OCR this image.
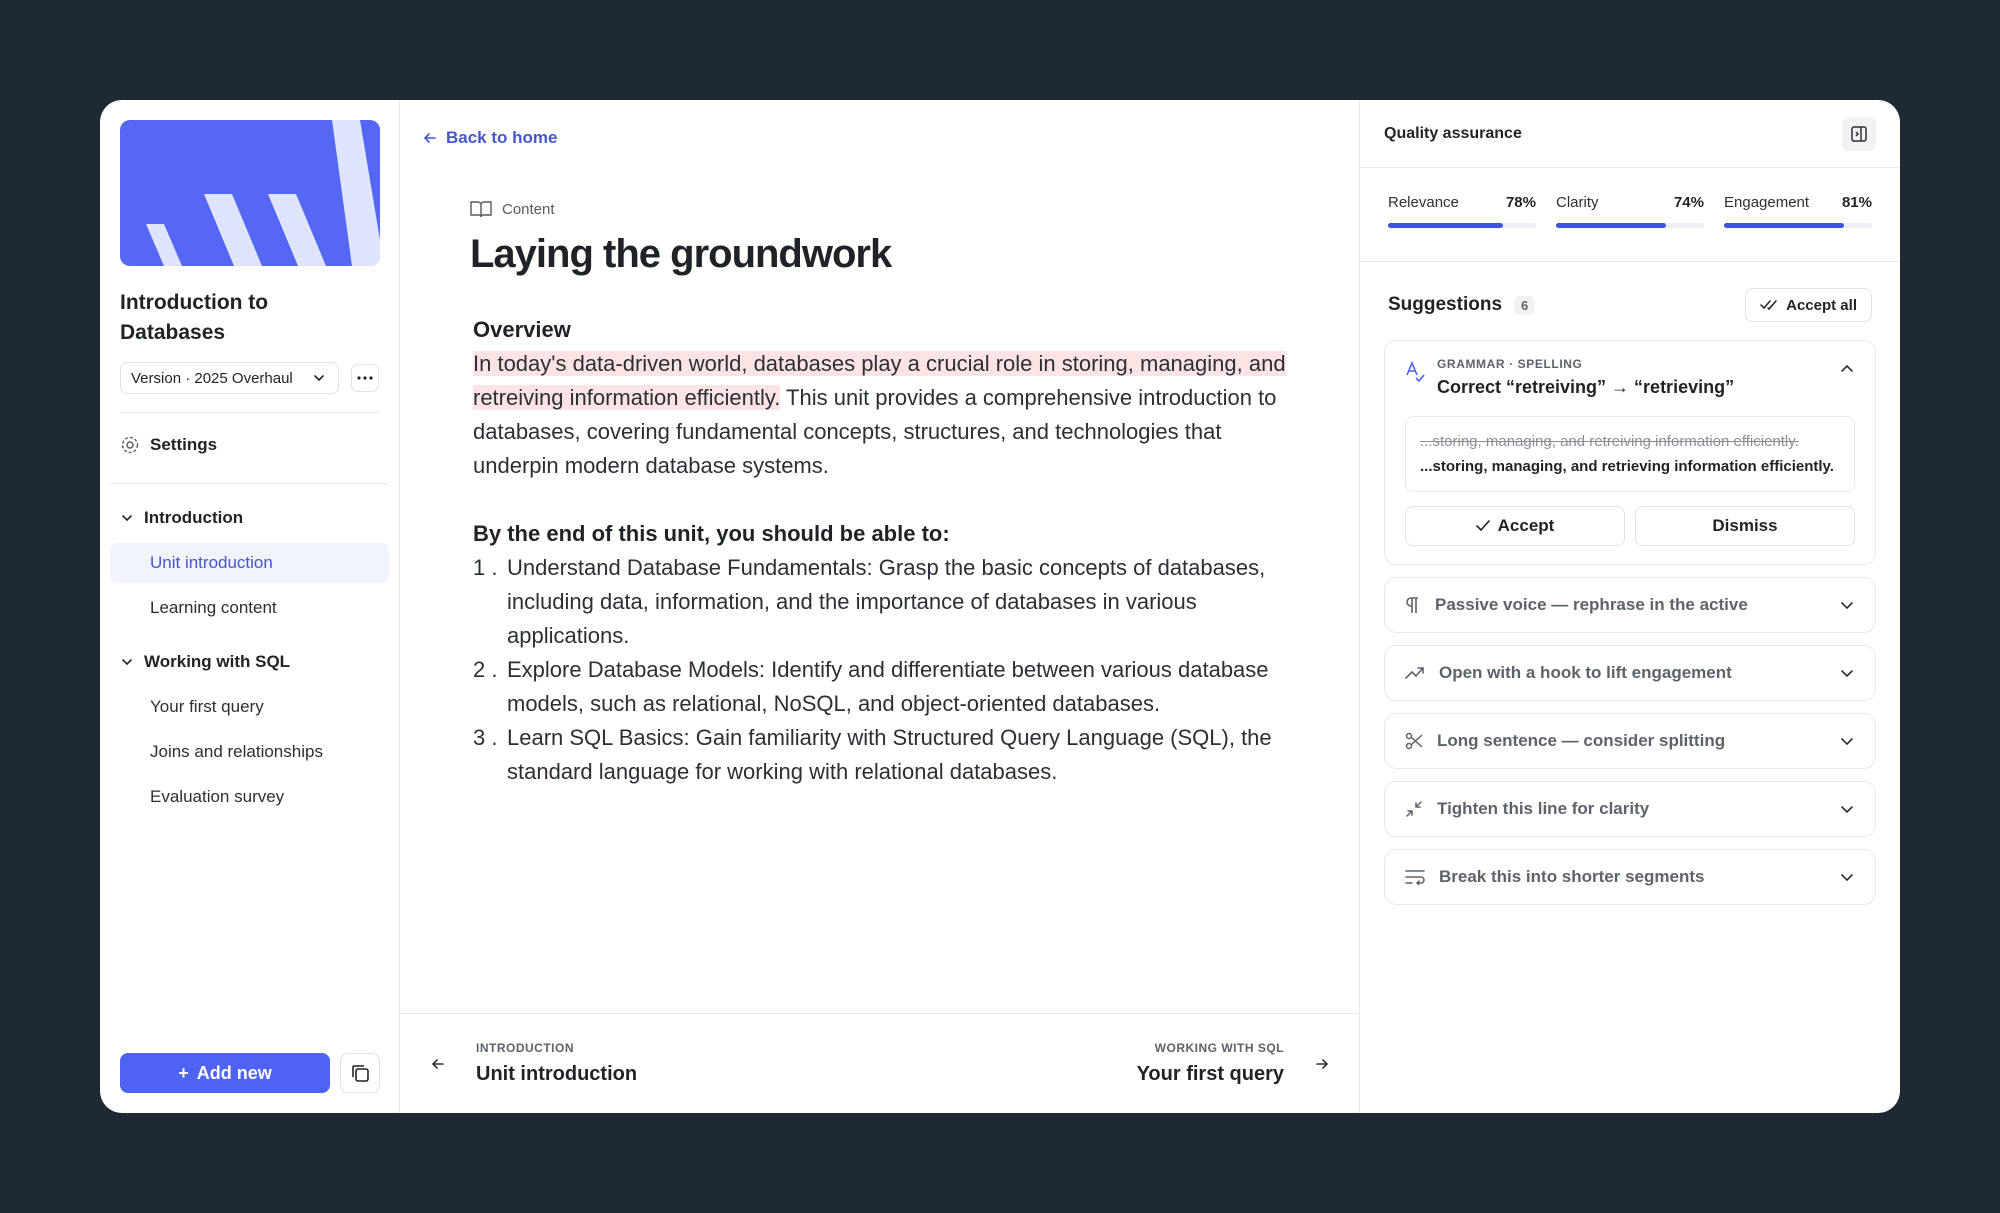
Introduction to Databases
Version · 2025 Overhaul
Settings
Introduction
Unit introduction
Learning content
Working with SQL
Your first query
Joins and relationships
Evaluation survey
+ Add new
Back to home
Content
Laying the groundwork
Overview

In today's data-driven world, databases play a crucial role in storing, managing, and retreiving information efficiently. This unit provides a comprehensive introduction to databases, covering fundamental concepts, structures, and technologies that underpin modern database systems.

By the end of this unit, you should be able to:
1 . Understand Database Fundamentals: Grasp the basic concepts of databases, including data, information, and the importance of databases in various applications.
2 . Explore Database Models: Identify and differentiate between various database models, such as relational, NoSQL, and object-oriented databases.
3 . Learn SQL Basics: Gain familiarity with Structured Query Language (SQL), the standard language for working with relational databases.
INTRODUCTION
Unit introduction
WORKING WITH SQL
Your first query
Quality assurance
Relevance	78% Clarity	74% Engagement 81%
Suggestions	6	Accept all
GRAMMAR · SPELLING
Correct “retreiving” → “retrieving”
...storing, managing, and retreiving information efficiently.
...storing, managing, and retrieving information efficiently.
Accept	Dismiss
Passive voice — rephrase in the active
Open with a hook to lift engagement
Long sentence — consider splitting
Tighten this line for clarity
Break this into shorter segments
